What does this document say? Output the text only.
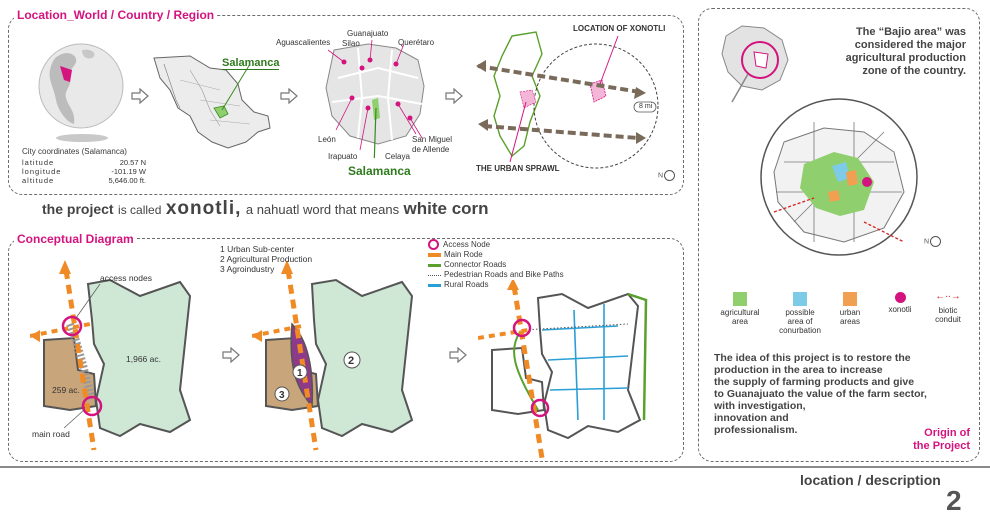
Location_World / Country / Region
City coordinates (Salamanca)
latitude	20.57 N
longitude	-101.19 W
altitude	5,646.00 ft.
Salamanca
Aguascalientes
Guanajuato
Silao	Querétaro
León
Irapuato	Celaya
San Miguel
de Allende
Salamanca
LOCATION OF XONOTLI
THE URBAN SPRAWL
8 mi
N
the project is called xonotli, a nahuatl word that means white corn
Conceptual Diagram
access nodes
main road
1,966 ac.
259 ac.
1
2
3
1 Urban Sub-center
2 Agricultural Production
3 Agroindustry
Access Node
Main Rode
Connector Roads
Pedestrian Roads and Bike Paths
Rural Roads
The “Bajio area” was
considered the major
agricultural production
zone of the country.
N
agricultural
area
possible
area of
conurbation
urban
areas
xonotli
←∙∙→
biotic
conduit
The idea of this project is to restore the
production in the area to increase
the supply of farming products and give
to Guanajuato the value of the farm sector,
with investigation,
innovation and
professionalism.	Origin of
the Project
location / description
2
